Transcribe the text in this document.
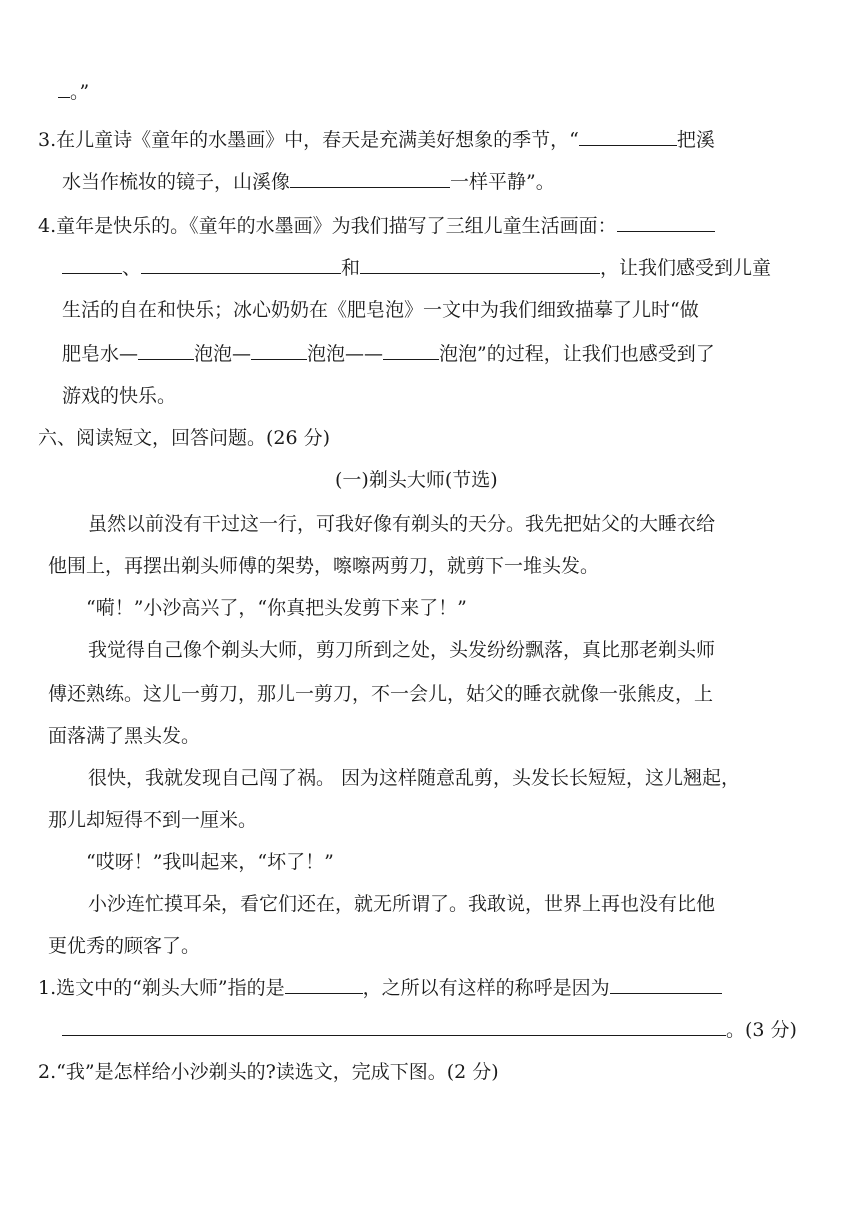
。”
3.在儿童诗《童年的水墨画》中，春天是充满美好想象的季节，“	把溪
水当作梳妆的镜子，山溪像	一样平静”。
4.童年是快乐的。《童年的水墨画》为我们描写了三组儿童生活画面：
、	和	，让我们感受到儿童
生活的自在和快乐；冰心奶奶在《肥皂泡》一文中为我们细致描摹了儿时“做
肥皂水—	泡泡—	泡泡——	泡泡”的过程，让我们也感受到了
游戏的快乐。
六、阅读短文，回答问题。(26 分)
(一)剃头大师(节选)
虽然以前没有干过这一行，可我好像有剃头的天分。我先把姑父的大睡衣给
他围上，再摆出剃头师傅的架势，嚓嚓两剪刀，就剪下一堆头发。
“嗬！”小沙高兴了，“你真把头发剪下来了！”
我觉得自己像个剃头大师，剪刀所到之处，头发纷纷飘落，真比那老剃头师
傅还熟练。这儿一剪刀，那儿一剪刀，不一会儿，姑父的睡衣就像一张熊皮，上
面落满了黑头发。
很快，我就发现自己闯了祸。 因为这样随意乱剪，头发长长短短，这儿翘起，
那儿却短得不到一厘米。
“哎呀！”我叫起来，“坏了！”
小沙连忙摸耳朵，看它们还在，就无所谓了。我敢说，世界上再也没有比他
更优秀的顾客了。
1.选文中的“剃头大师”指的是	，之所以有这样的称呼是因为
。(3 分)
2.“我”是怎样给小沙剃头的?读选文，完成下图。(2 分)
